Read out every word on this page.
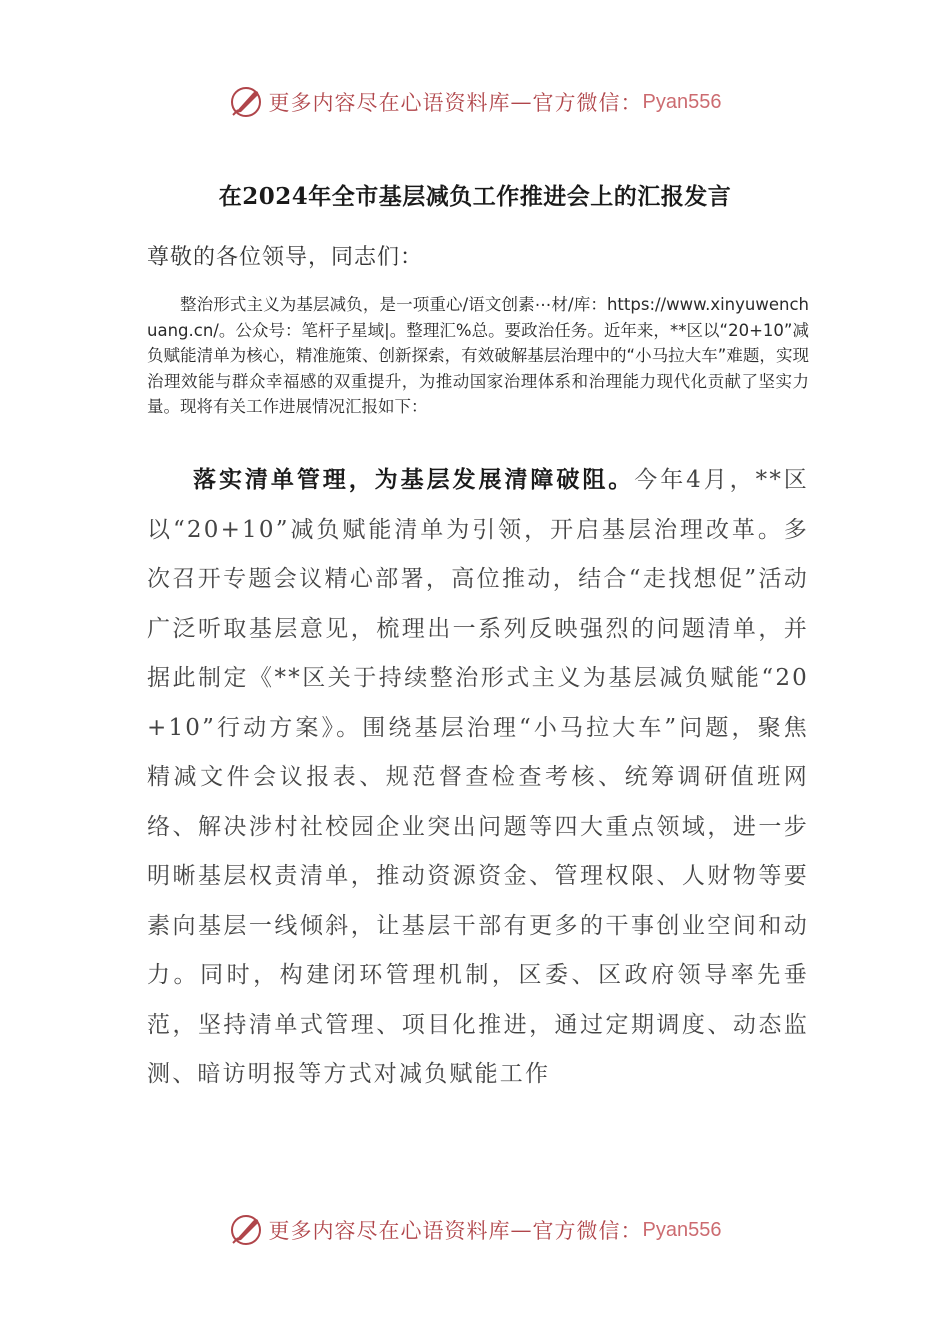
更多内容尽在心语资料库 — 官方微信： Pyan556
在2024年全市基层减负工作推进会上的汇报发言
尊敬的各位领导，同志们：
整治形式主义为基层减负，是一项重心/语文创素⋯材/库：https://www.xinyuwenchuang.cn/。公众号：笔杆子星域|。整理汇%总。要政治任务。近年来，**区以“20+10”减负赋能清单为核心，精准施策、创新探索，有效破解基层治理中的“小马拉大车”难题，实现治理效能与群众幸福感的双重提升，为推动国家治理体系和治理能力现代化贡献了坚实力量。现将有关工作进展情况汇报如下：
落实清单管理，为基层发展清障破阻。今年4月，**区以“20+10”减负赋能清单为引领，开启基层治理改革。多次召开专题会议精心部署，高位推动，结合“走找想促”活动广泛听取基层意见，梳理出一系列反映强烈的问题清单，并据此制定《**区关于持续整治形式主义为基层减负赋能“20+10”行动方案》。围绕基层治理“小马拉大车”问题，聚焦精减文件会议报表、规范督查检查考核、统筹调研值班网络、解决涉村社校园企业突出问题等四大重点领域，进一步明晰基层权责清单，推动资源资金、管理权限、人财物等要素向基层一线倾斜，让基层干部有更多的干事创业空间和动力。同时，构建闭环管理机制，区委、区政府领导率先垂范，坚持清单式管理、项目化推进，通过定期调度、动态监测、暗访明报等方式对减负赋能工作
更多内容尽在心语资料库 — 官方微信： Pyan556
